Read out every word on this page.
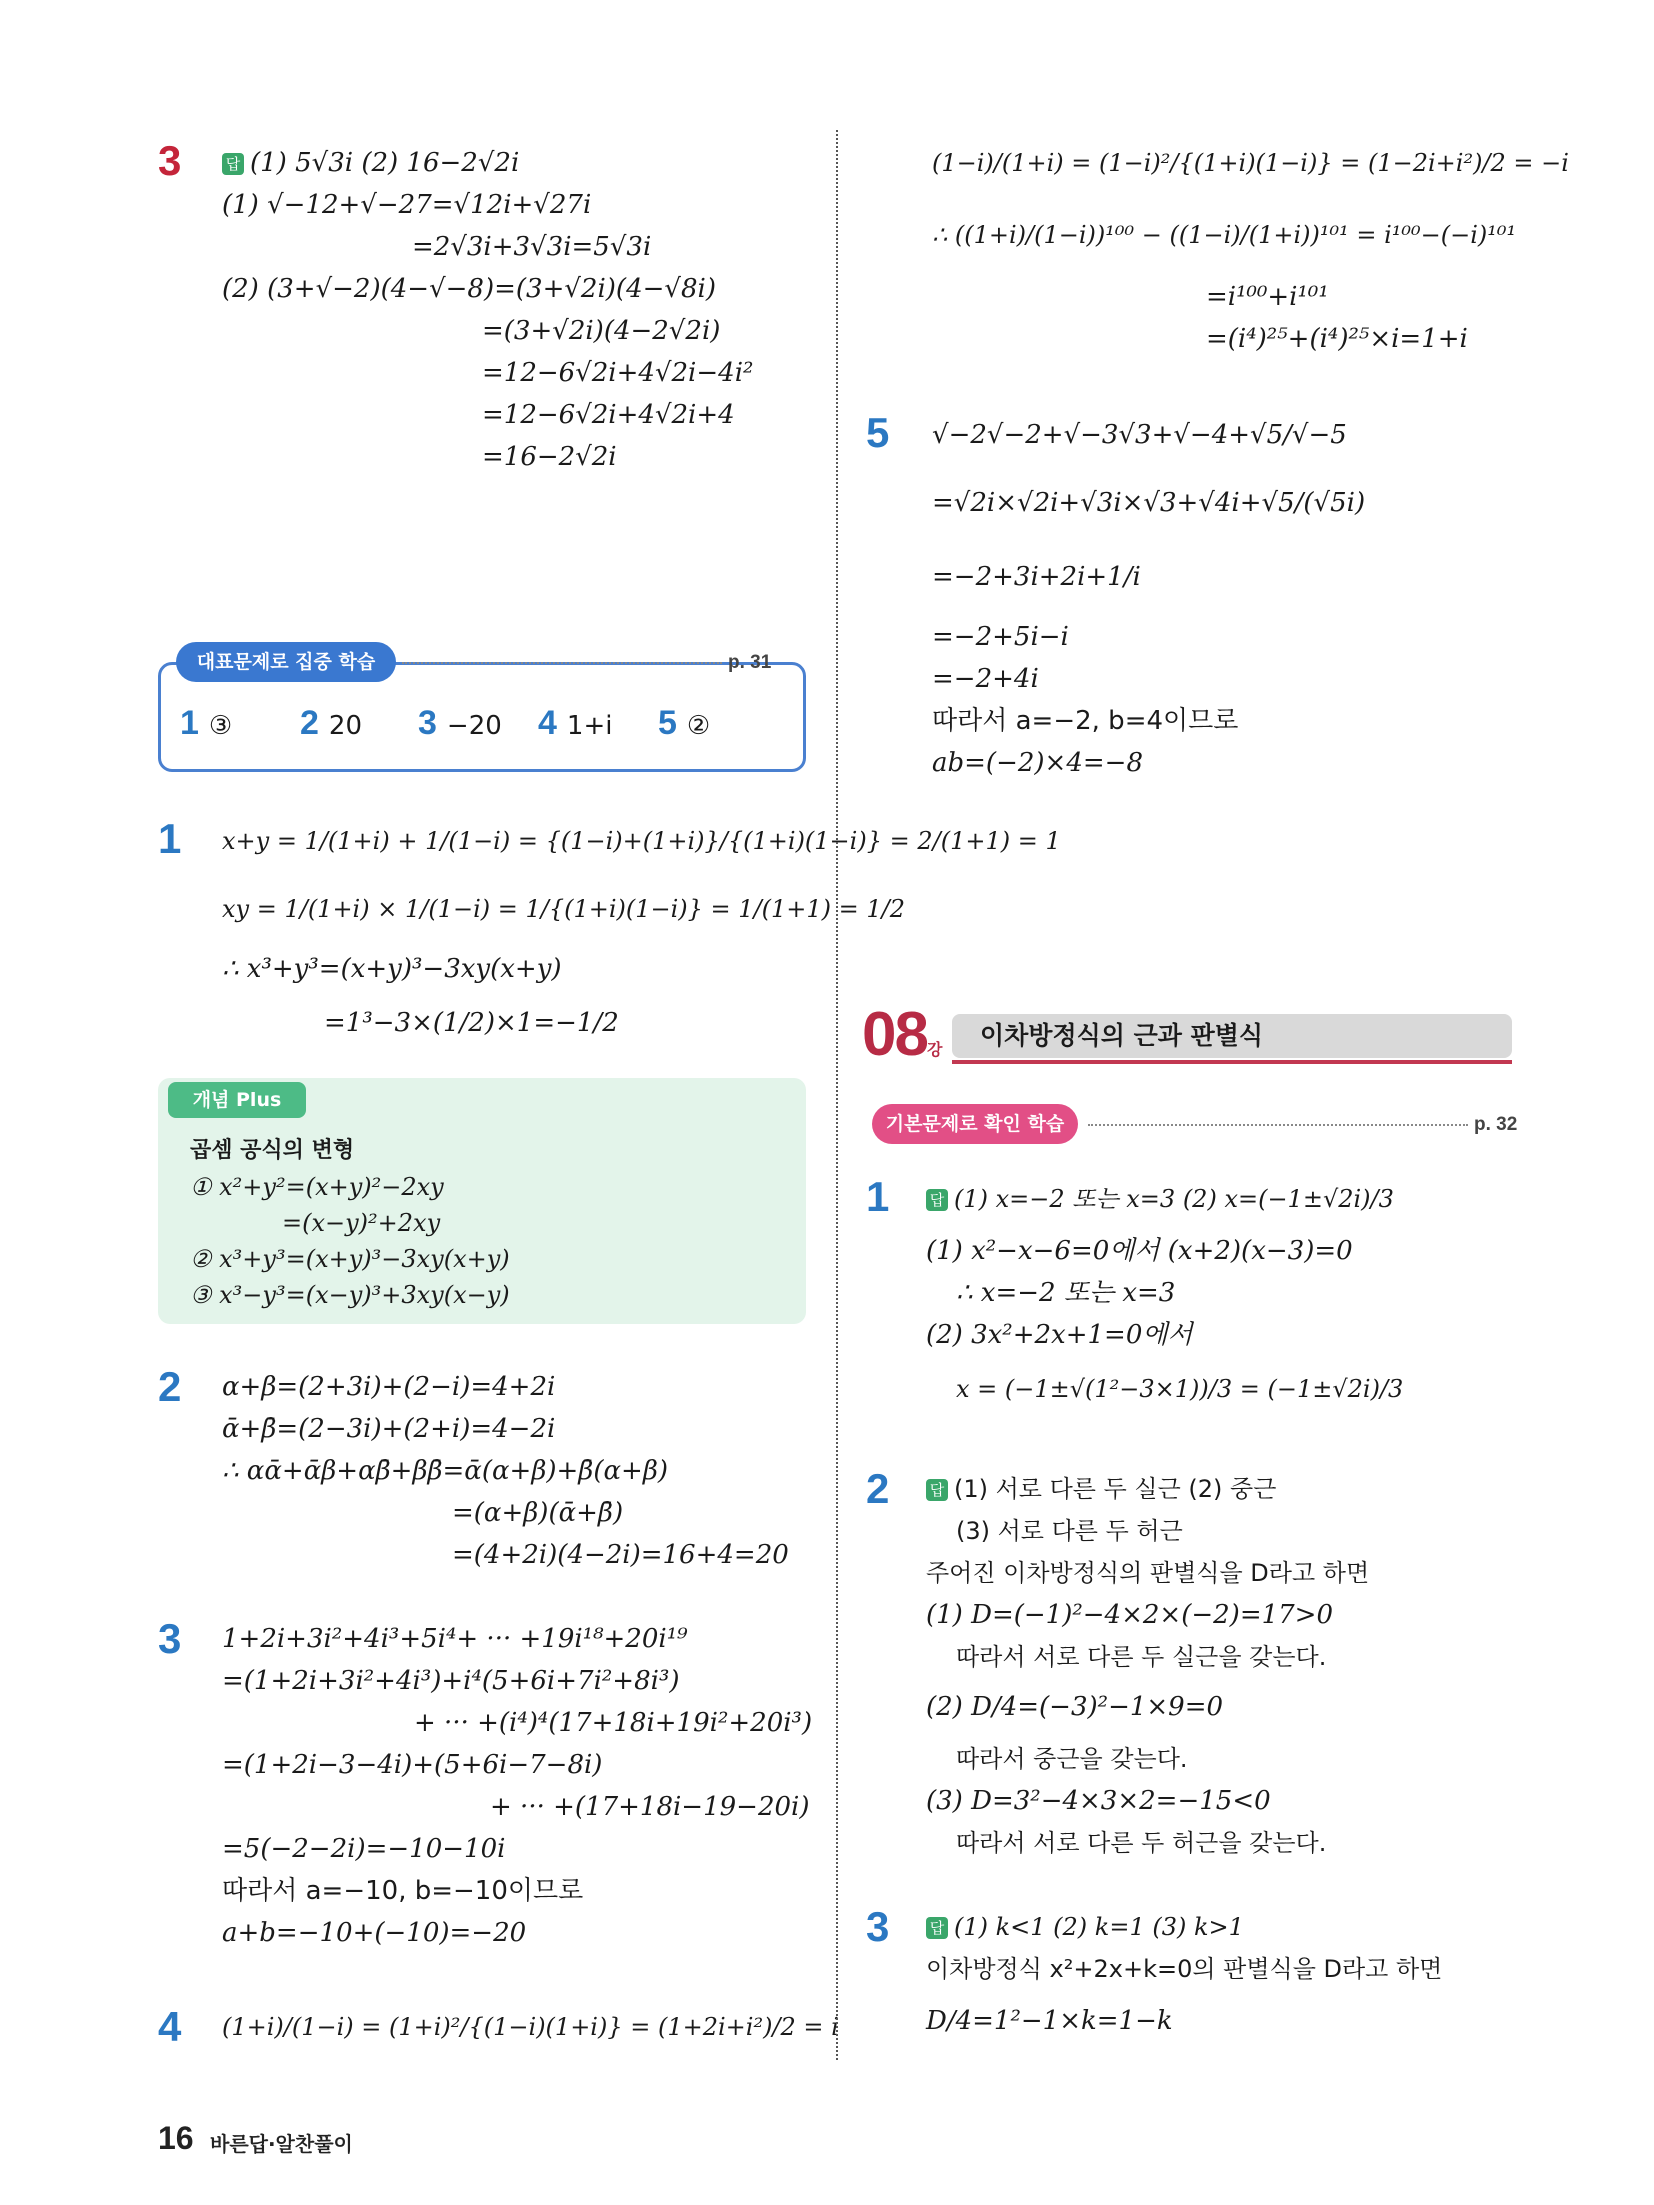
3	답 (1) 5√3i (2) 16−2√2i
(1) √−12+√−27=√12i+√27i
=2√3i+3√3i=5√3i
(2) (3+√−2)(4−√−8)=(3+√2i)(4−√8i)
=(3+√2i)(4−2√2i)
=12−6√2i+4√2i−4i²
=12−6√2i+4√2i+4
=16−2√2i
대표문제로 집중 학습	p. 31
1 ③ 2 20 3 −20 4 1+i 5 ②
1 x+y = 1/(1+i) + 1/(1−i) = {(1−i)+(1+i)}/{(1+i)(1−i)} = 2/(1+1) = 1
xy = 1/(1+i) × 1/(1−i) = 1/{(1+i)(1−i)} = 1/(1+1) = 1/2
∴ x³+y³=(x+y)³−3xy(x+y)
=1³−3×(1/2)×1=−1/2
개념 Plus
곱셈 공식의 변형
① x²+y²=(x+y)²−2xy
=(x−y)²+2xy
② x³+y³=(x+y)³−3xy(x+y)
③ x³−y³=(x−y)³+3xy(x−y)
2 α+β=(2+3i)+(2−i)=4+2i
ᾱ+β̄=(2−3i)+(2+i)=4−2i
∴ αᾱ+ᾱβ+αβ̄+ββ̄=ᾱ(α+β)+β̄(α+β)
=(α+β)(ᾱ+β̄)
=(4+2i)(4−2i)=16+4=20
3 1+2i+3i²+4i³+5i⁴+ ··· +19i¹⁸+20i¹⁹
=(1+2i+3i²+4i³)+i⁴(5+6i+7i²+8i³)
+ ··· +(i⁴)⁴(17+18i+19i²+20i³)
=(1+2i−3−4i)+(5+6i−7−8i)
+ ··· +(17+18i−19−20i)
=5(−2−2i)=−10−10i
따라서 a=−10, b=−10이므로
a+b=−10+(−10)=−20
4 (1+i)/(1−i) = (1+i)²/{(1−i)(1+i)} = (1+2i+i²)/2 = i
(1−i)/(1+i) = (1−i)²/{(1+i)(1−i)} = (1−2i+i²)/2 = −i
∴ ((1+i)/(1−i))¹⁰⁰ − ((1−i)/(1+i))¹⁰¹ = i¹⁰⁰−(−i)¹⁰¹
=i¹⁰⁰+i¹⁰¹
=(i⁴)²⁵+(i⁴)²⁵×i=1+i
5 √−2√−2+√−3√3+√−4+√5/√−5
=√2i×√2i+√3i×√3+√4i+√5/(√5i)
=−2+3i+2i+1/i
=−2+5i−i
=−2+4i
따라서 a=−2, b=4이므로
ab=(−2)×4=−8
08강
이차방정식의 근과 판별식
기본문제로 확인 학습	p. 32
1	답 (1) x=−2 또는 x=3 (2) x=(−1±√2i)/3
(1) x²−x−6=0에서 (x+2)(x−3)=0
∴ x=−2 또는 x=3
(2) 3x²+2x+1=0에서
x = (−1±√(1²−3×1))/3 = (−1±√2i)/3
2	답 (1) 서로 다른 두 실근 (2) 중근
(3) 서로 다른 두 허근
주어진 이차방정식의 판별식을 D라고 하면
(1) D=(−1)²−4×2×(−2)=17>0
따라서 서로 다른 두 실근을 갖는다.
(2) D/4=(−3)²−1×9=0
따라서 중근을 갖는다.
(3) D=3²−4×3×2=−15<0
따라서 서로 다른 두 허근을 갖는다.
3	답 (1) k<1 (2) k=1 (3) k>1
이차방정식 x²+2x+k=0의 판별식을 D라고 하면
D/4=1²−1×k=1−k
16 바른답·알찬풀이
